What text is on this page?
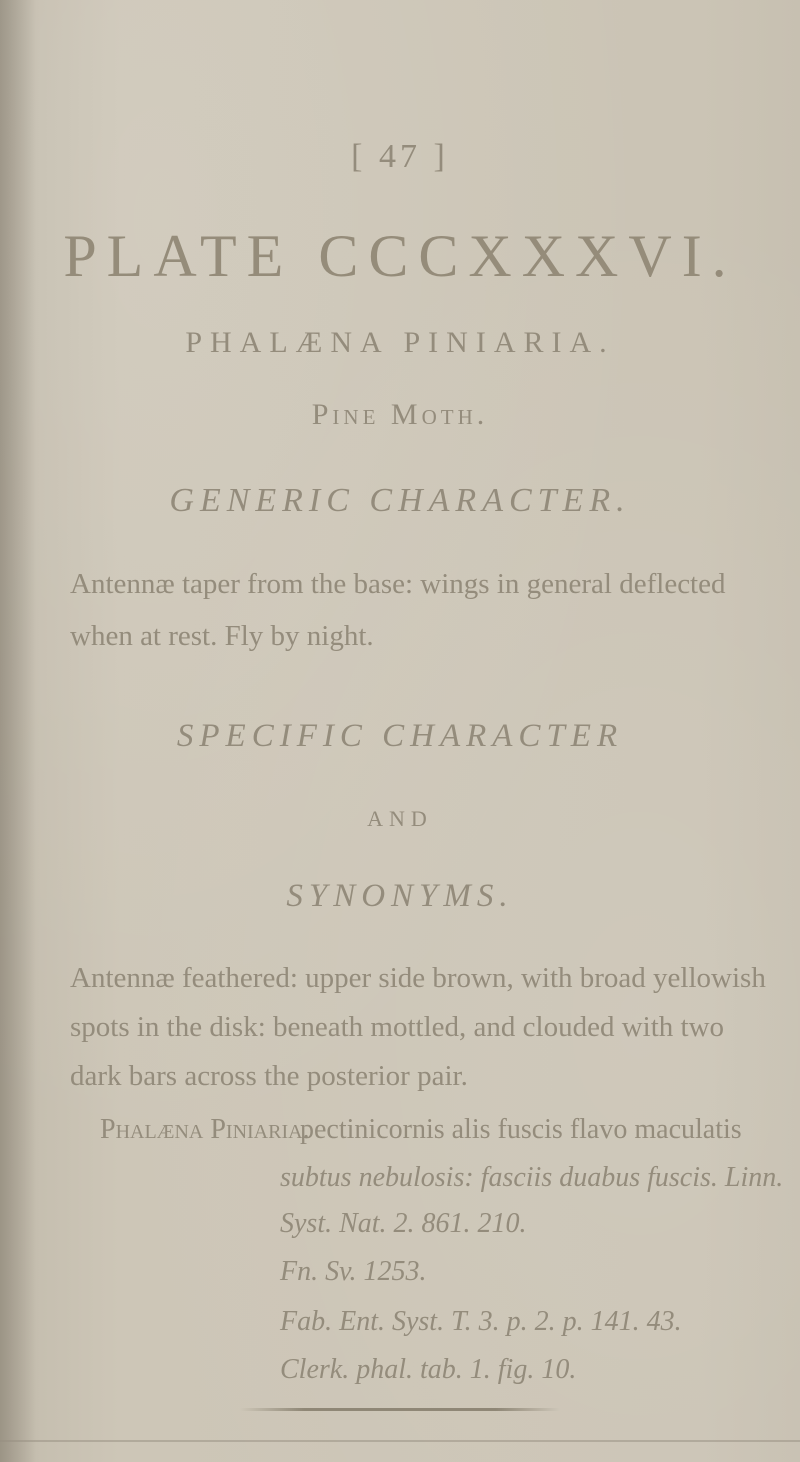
[ 47 ]
PLATE CCCXXXVI.
PHALÆNA PINIARIA.
Pine Moth.
GENERIC CHARACTER.
Antennæ taper from the base: wings in general deflected when at rest. Fly by night.
SPECIFIC CHARACTER
AND
SYNONYMS.
Antennæ feathered: upper side brown, with broad yellowish spots in the disk: beneath mottled, and clouded with two dark bars across the posterior pair.
Phalæna Piniaria.
pectinicornis alis fuscis flavo maculatis
subtus nebulosis: fasciis duabus fuscis. Linn.
Syst. Nat. 2. 861. 210.
Fn. Sv. 1253.
Fab. Ent. Syst. T. 3. p. 2. p. 141. 43.
Clerk. phal. tab. 1. fig. 10.
